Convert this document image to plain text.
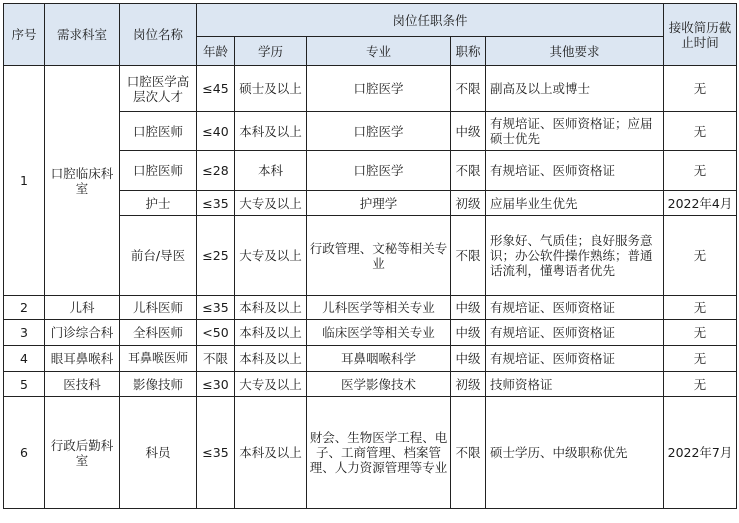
序号	需求科室	岗位名称	岗位任职条件					接收简历截止时间
			年龄	学历	专业	职称	其他要求	
1	口腔临床科室	口腔医学高层次人才	≤45	硕士及以上	口腔医学	不限	副高及以上或博士	无
		口腔医师	≤40	本科及以上	口腔医学	中级	有规培证、医师资格证；应届硕士优先	无
		口腔医师	≤28	本科	口腔医学	不限	有规培证、医师资格证	无
		护士	≤35	大专及以上	护理学	初级	应届毕业生优先	2022年4月
		前台/导医	≤25	大专及以上	行政管理、文秘等相关专业	不限	形象好、气质佳；良好服务意识；办公软件操作熟练；普通话流利，懂粤语者优先	无
2	儿科	儿科医师	≤35	本科及以上	儿科医学等相关专业	中级	有规培证、医师资格证	无
3	门诊综合科	全科医师	<50	本科及以上	临床医学等相关专业	中级	有规培证、医师资格证	无
4	眼耳鼻喉科	耳鼻喉医师	不限	本科及以上	耳鼻咽喉科学	中级	有规培证、医师资格证	无
5	医技科	影像技师	≤30	大专及以上	医学影像技术	初级	技师资格证	无
6	行政后勤科室	科员	≤35	本科及以上	财会、生物医学工程、电子、工商管理、档案管理、人力资源管理等专业	不限	硕士学历、中级职称优先	2022年7月
